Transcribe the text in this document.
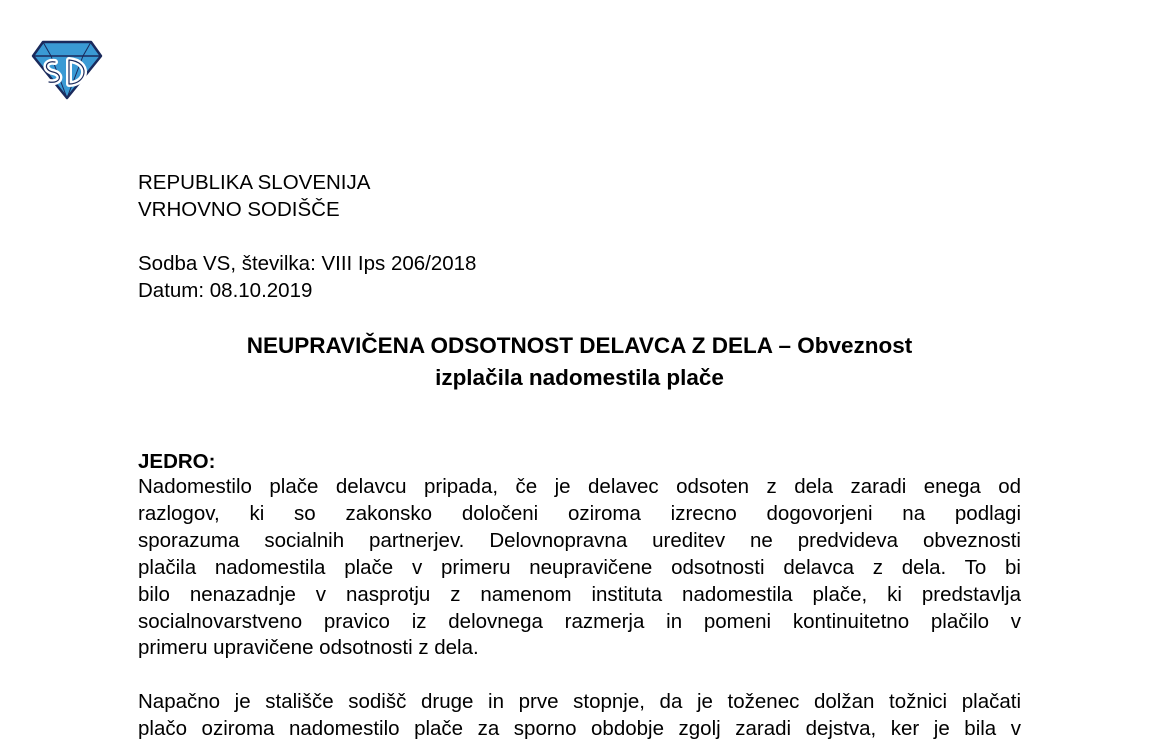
REPUBLIKA SLOVENIJA
VRHOVNO SODIŠČE
Sodba VS, številka: VIII Ips 206/2018
Datum: 08.10.2019
NEUPRAVIČENA ODSOTNOST DELAVCA Z DELA – Obveznost
izplačila nadomestila plače
JEDRO:
Nadomestilo plače delavcu pripada, če je delavec odsoten z dela zaradi enega od
razlogov, ki so zakonsko določeni oziroma izrecno dogovorjeni na podlagi
sporazuma socialnih partnerjev. Delovnopravna ureditev ne predvideva obveznosti
plačila nadomestila plače v primeru neupravičene odsotnosti delavca z dela. To bi
bilo nenazadnje v nasprotju z namenom instituta nadomestila plače, ki predstavlja
socialnovarstveno pravico iz delovnega razmerja in pomeni kontinuitetno plačilo v
primeru upravičene odsotnosti z dela.
Napačno je stališče sodišč druge in prve stopnje, da je toženec dolžan tožnici plačati
plačo oziroma nadomestilo plače za sporno obdobje zgolj zaradi dejstva, ker je bila v
